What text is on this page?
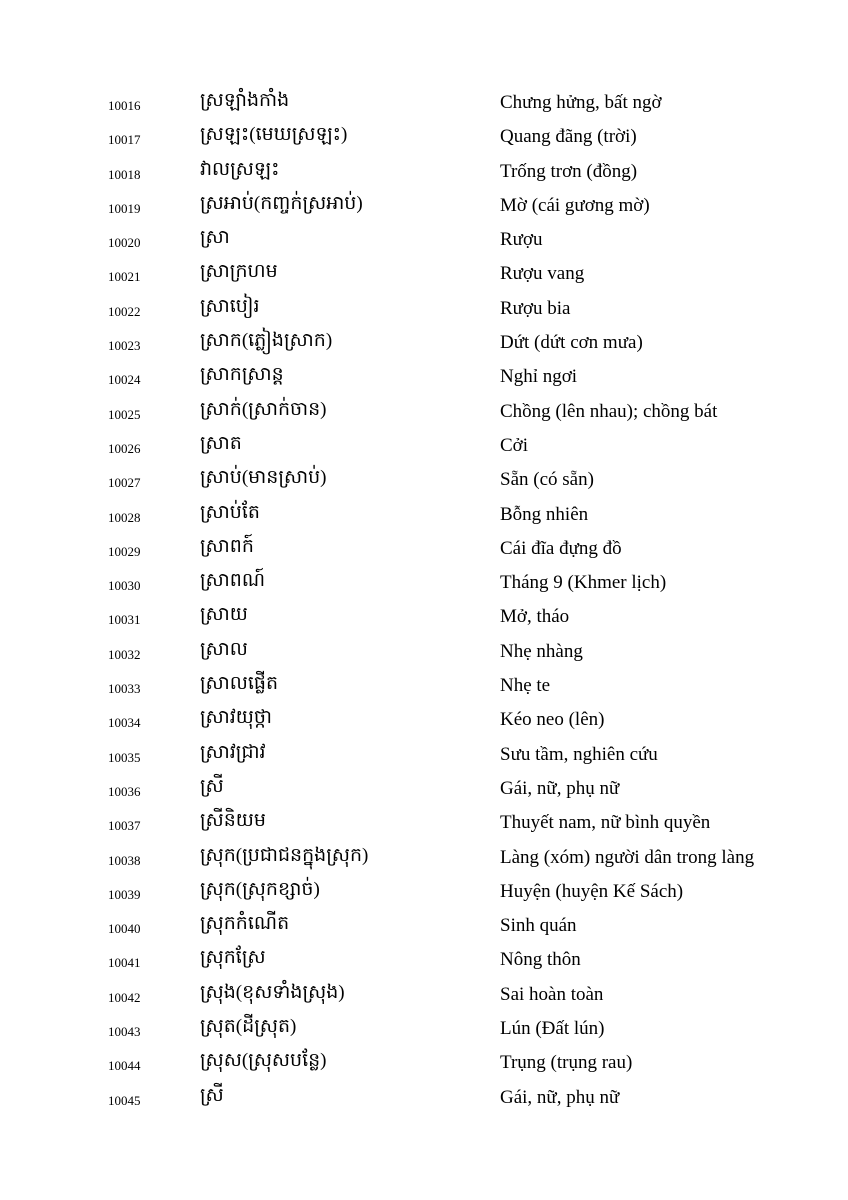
10016	ស្រឡាំងកាំង	Chưng hửng, bất ngờ
10017	ស្រឡះ(មេឃស្រឡះ)	Quang đãng (trời)
10018	វាលស្រឡះ	Trống trơn (đồng)
10019	ស្រអាប់(កញ្ចក់ស្រអាប់)	Mờ (cái gương mờ)
10020	ស្រា	Rượu
10021	ស្រាក្រហម	Rượu vang
10022	ស្រាបៀរ	Rượu bia
10023	ស្រាក(ភ្លៀងស្រាក)	Dứt (dứt cơn mưa)
10024	ស្រាកស្រាន្ត	Nghỉ ngơi
10025	ស្រាក់(ស្រាក់ចាន)	Chồng (lên nhau); chồng bát
10026	ស្រាត	Cởi
10027	ស្រាប់(មានស្រាប់)	Sẵn (có sẵn)
10028	ស្រាប់តែ	Bỗng nhiên
10029	ស្រាពក៍	Cái đĩa đựng đồ
10030	ស្រាពណ៍	Tháng 9 (Khmer lịch)
10031	ស្រាយ	Mở, tháo
10032	ស្រាល	Nhẹ nhàng
10033	ស្រាលផ្លើត	Nhẹ te
10034	ស្រាវយុថ្កា	Kéo neo (lên)
10035	ស្រាវជ្រាវ	Sưu tầm, nghiên cứu
10036	ស្រី	Gái, nữ, phụ nữ
10037	ស្រីនិយម	Thuyết nam, nữ bình quyền
10038	ស្រុក(ប្រជាជនក្នុងស្រុក)	Làng (xóm) người dân trong làng
10039	ស្រុក(ស្រុកខ្សាច់)	Huyện (huyện Kế Sách)
10040	ស្រុកកំណើត	Sinh quán
10041	ស្រុកស្រែ	Nông thôn
10042	ស្រុង(ខុសទាំងស្រុង)	Sai hoàn toàn
10043	ស្រុត(ដីស្រុត)	Lún (Đất lún)
10044	ស្រុស(ស្រុសបន្លែ)	Trụng (trụng rau)
10045	ស្រី	Gái, nữ, phụ nữ
